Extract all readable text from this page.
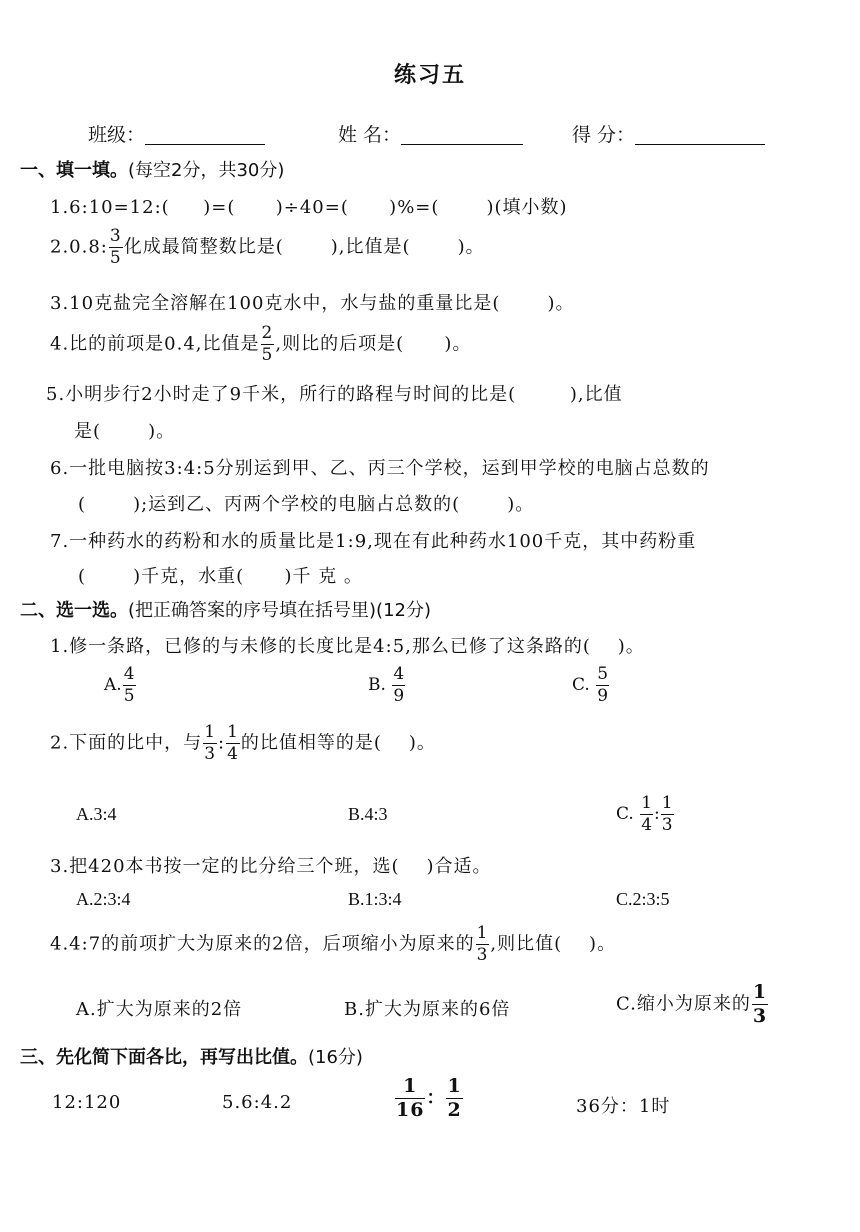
练习五
班级：	姓 名：	得 分：
一、填一填。(每空2分，共30分)
1.6:10=12:(     )=(      )÷40=(      )%=(       )(填小数)
2.0.8: $\frac{3}{5}$ 化成最简整数比是(       ),比值是(       )。
3.10克盐完全溶解在100克水中，水与盐的重量比是(       )。
4.比的前项是0.4,比值是 $\frac{2}{5}$ ,则比的后项是(      )。
5.小明步行2小时走了9千米，所行的路程与时间的比是(        ),比值
是(       )。
6.一批电脑按3:4:5分别运到甲、乙、丙三个学校，运到甲学校的电脑占总数的
(       );运到乙、丙两个学校的电脑占总数的(       )。
7.一种药水的药粉和水的质量比是1:9,现在有此种药水100千克，其中药粉重
(       )千克，水重(      )千 克 。
二、选一选。(把正确答案的序号填在括号里)(12分)
1.修一条路，已修的与未修的长度比是4:5,那么已修了这条路的(    )。
A. $\frac{4}{5}$	B. $\frac{4}{9}$	C. $\frac{5}{9}$
2.下面的比中，与 $\frac{1}{3}$ : $\frac{1}{4}$ 的比值相等的是(    )。
A.3:4	B.4:3	C. $\frac{1}{4}$ : $\frac{1}{3}$
3.把420本书按一定的比分给三个班，选(    )合适。
A.2:3:4	B.1:3:4	C.2:3:5
4.4:7的前项扩大为原来的2倍，后项缩小为原来的 $\frac{1}{3}$ ,则比值(    )。
A.扩大为原来的2倍	B.扩大为原来的6倍	C.缩小为原来的 $\frac{1}{3}$
三、先化简下面各比，再写出比值。(16分)
12:120	5.6:4.2	$\frac{1}{16}$ ： $\frac{1}{2}$	36分：1时
